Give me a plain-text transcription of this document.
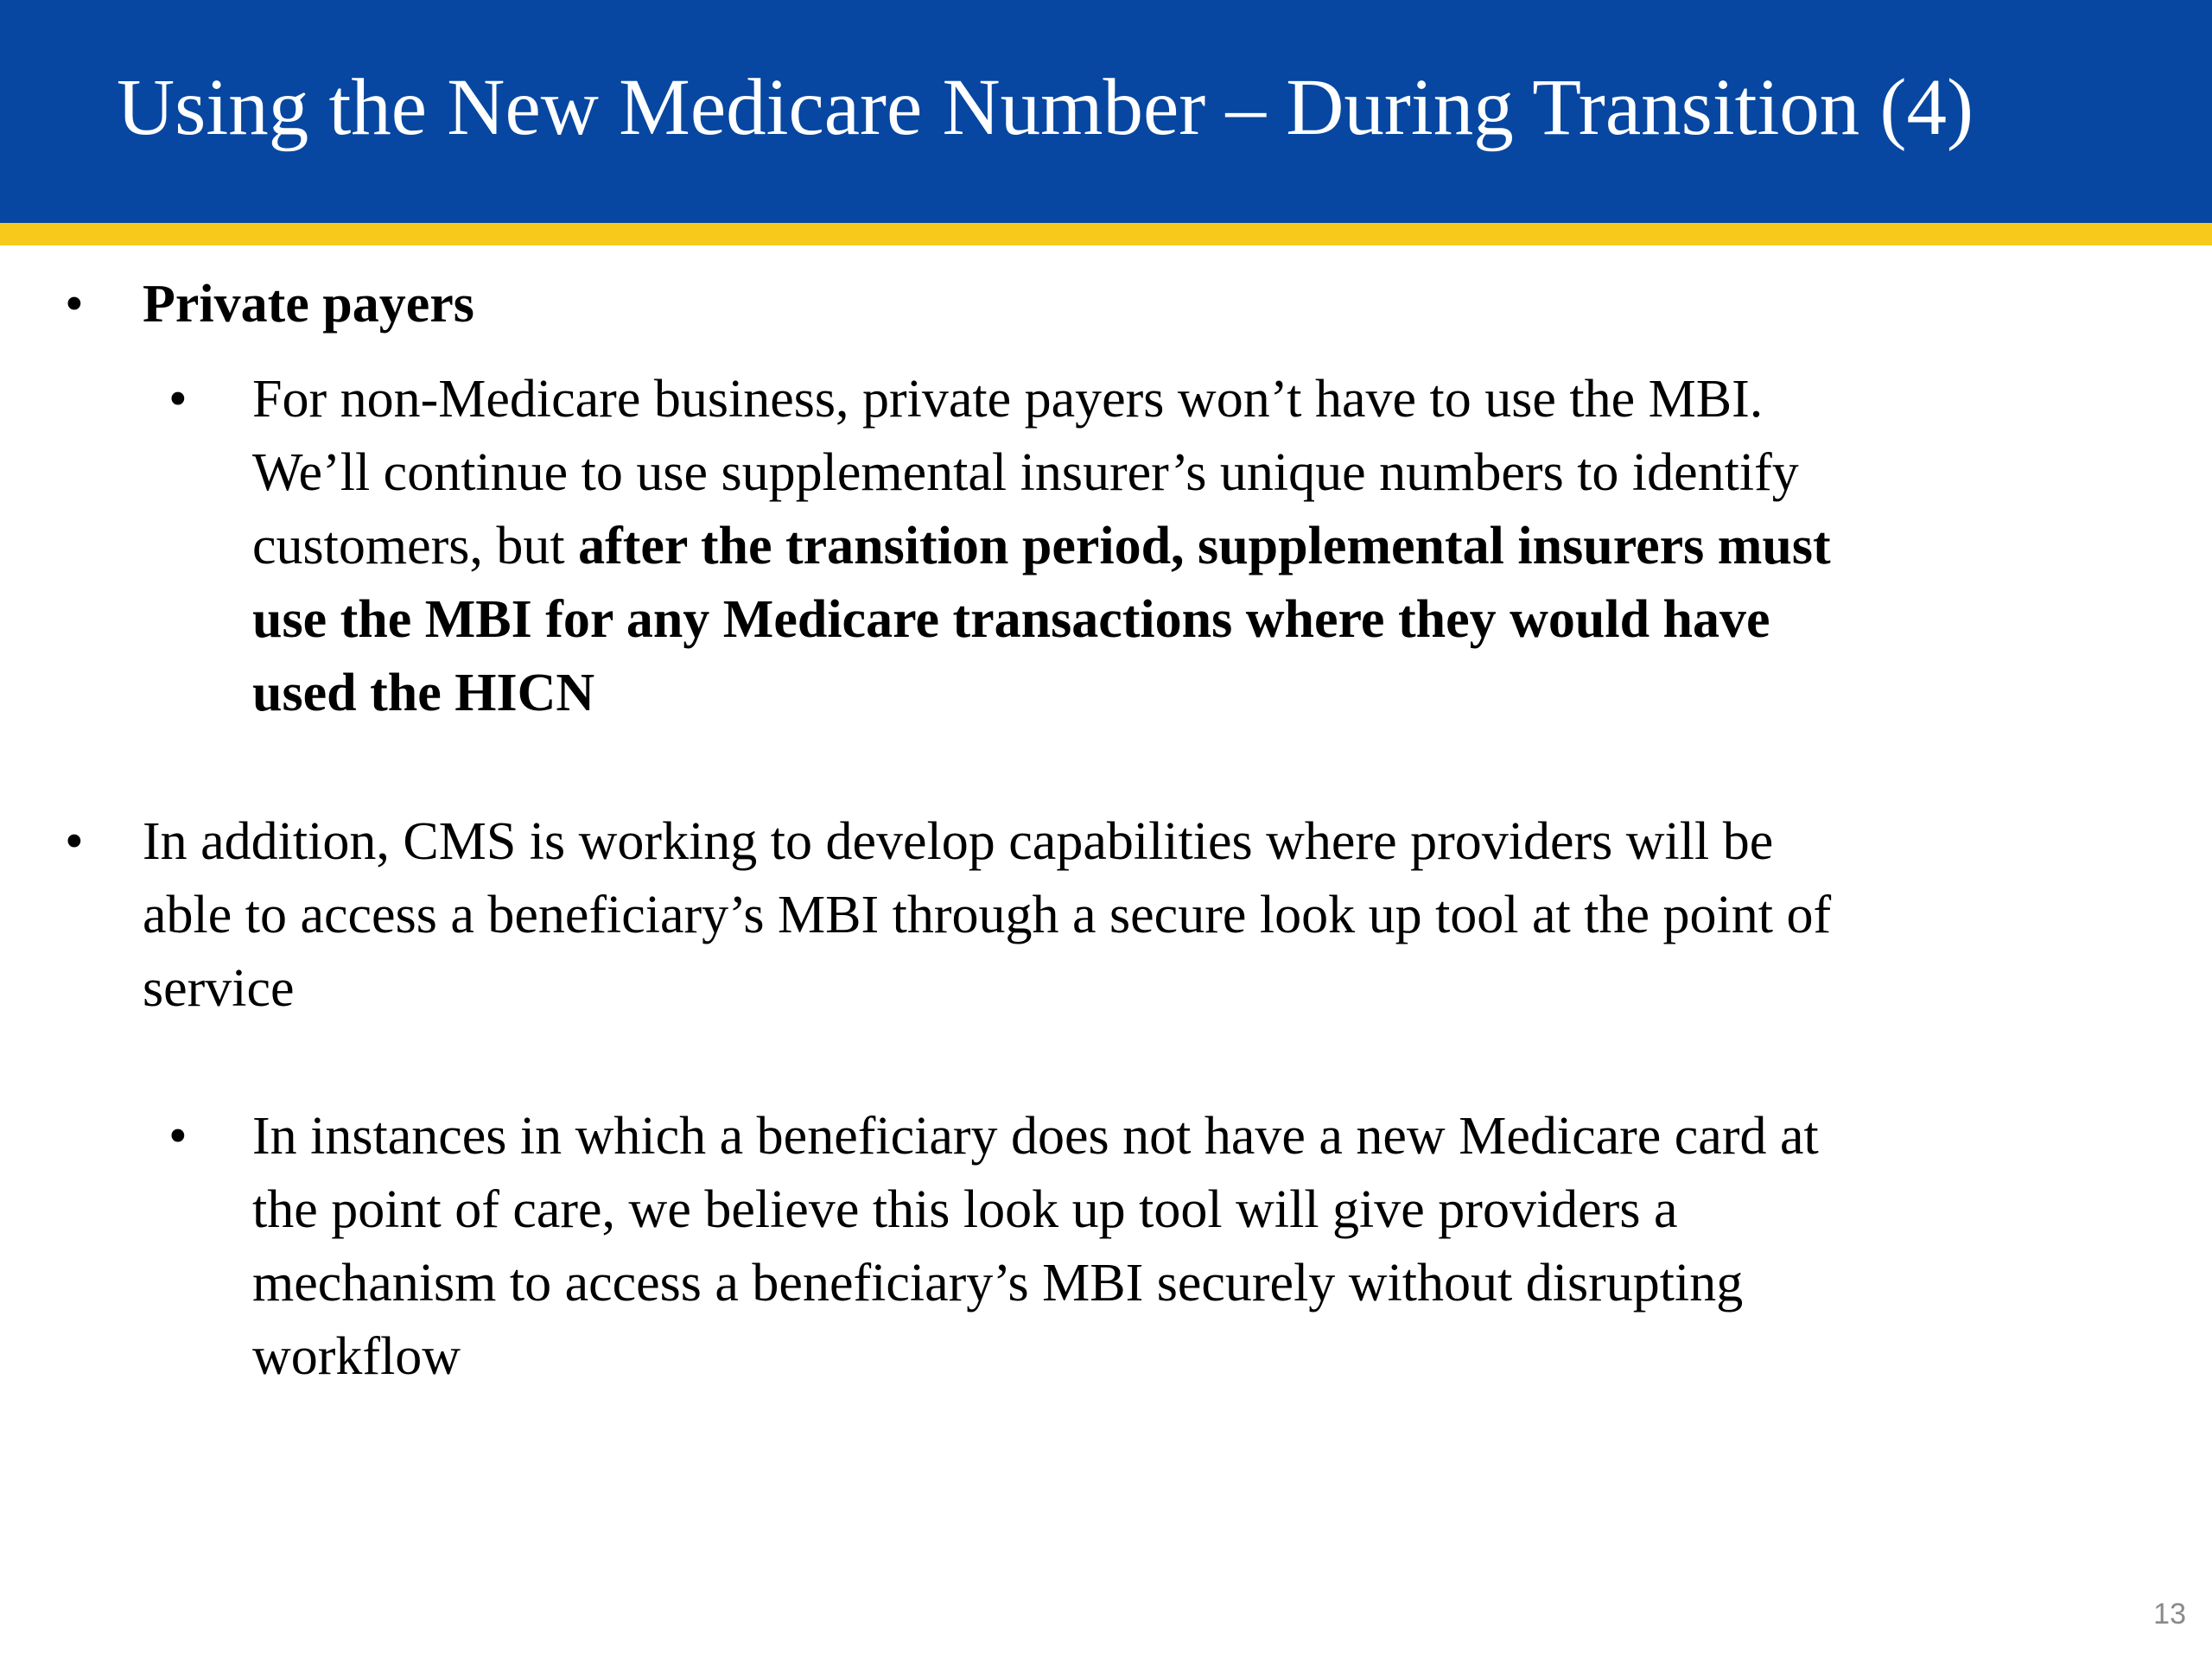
Using the New Medicare Number – During Transition (4)
• Private payers
• For non-Medicare business, private payers won’t have to use the MBI.
We’ll continue to use supplemental insurer’s unique numbers to identify
customers, but after the transition period, supplemental insurers must
use the MBI for any Medicare transactions where they would have
used the HICN
• In addition, CMS is working to develop capabilities where providers will be
able to access a beneficiary’s MBI through a secure look up tool at the point of
service
• In instances in which a beneficiary does not have a new Medicare card at
the point of care, we believe this look up tool will give providers a
mechanism to access a beneficiary’s MBI securely without disrupting
workflow
13
